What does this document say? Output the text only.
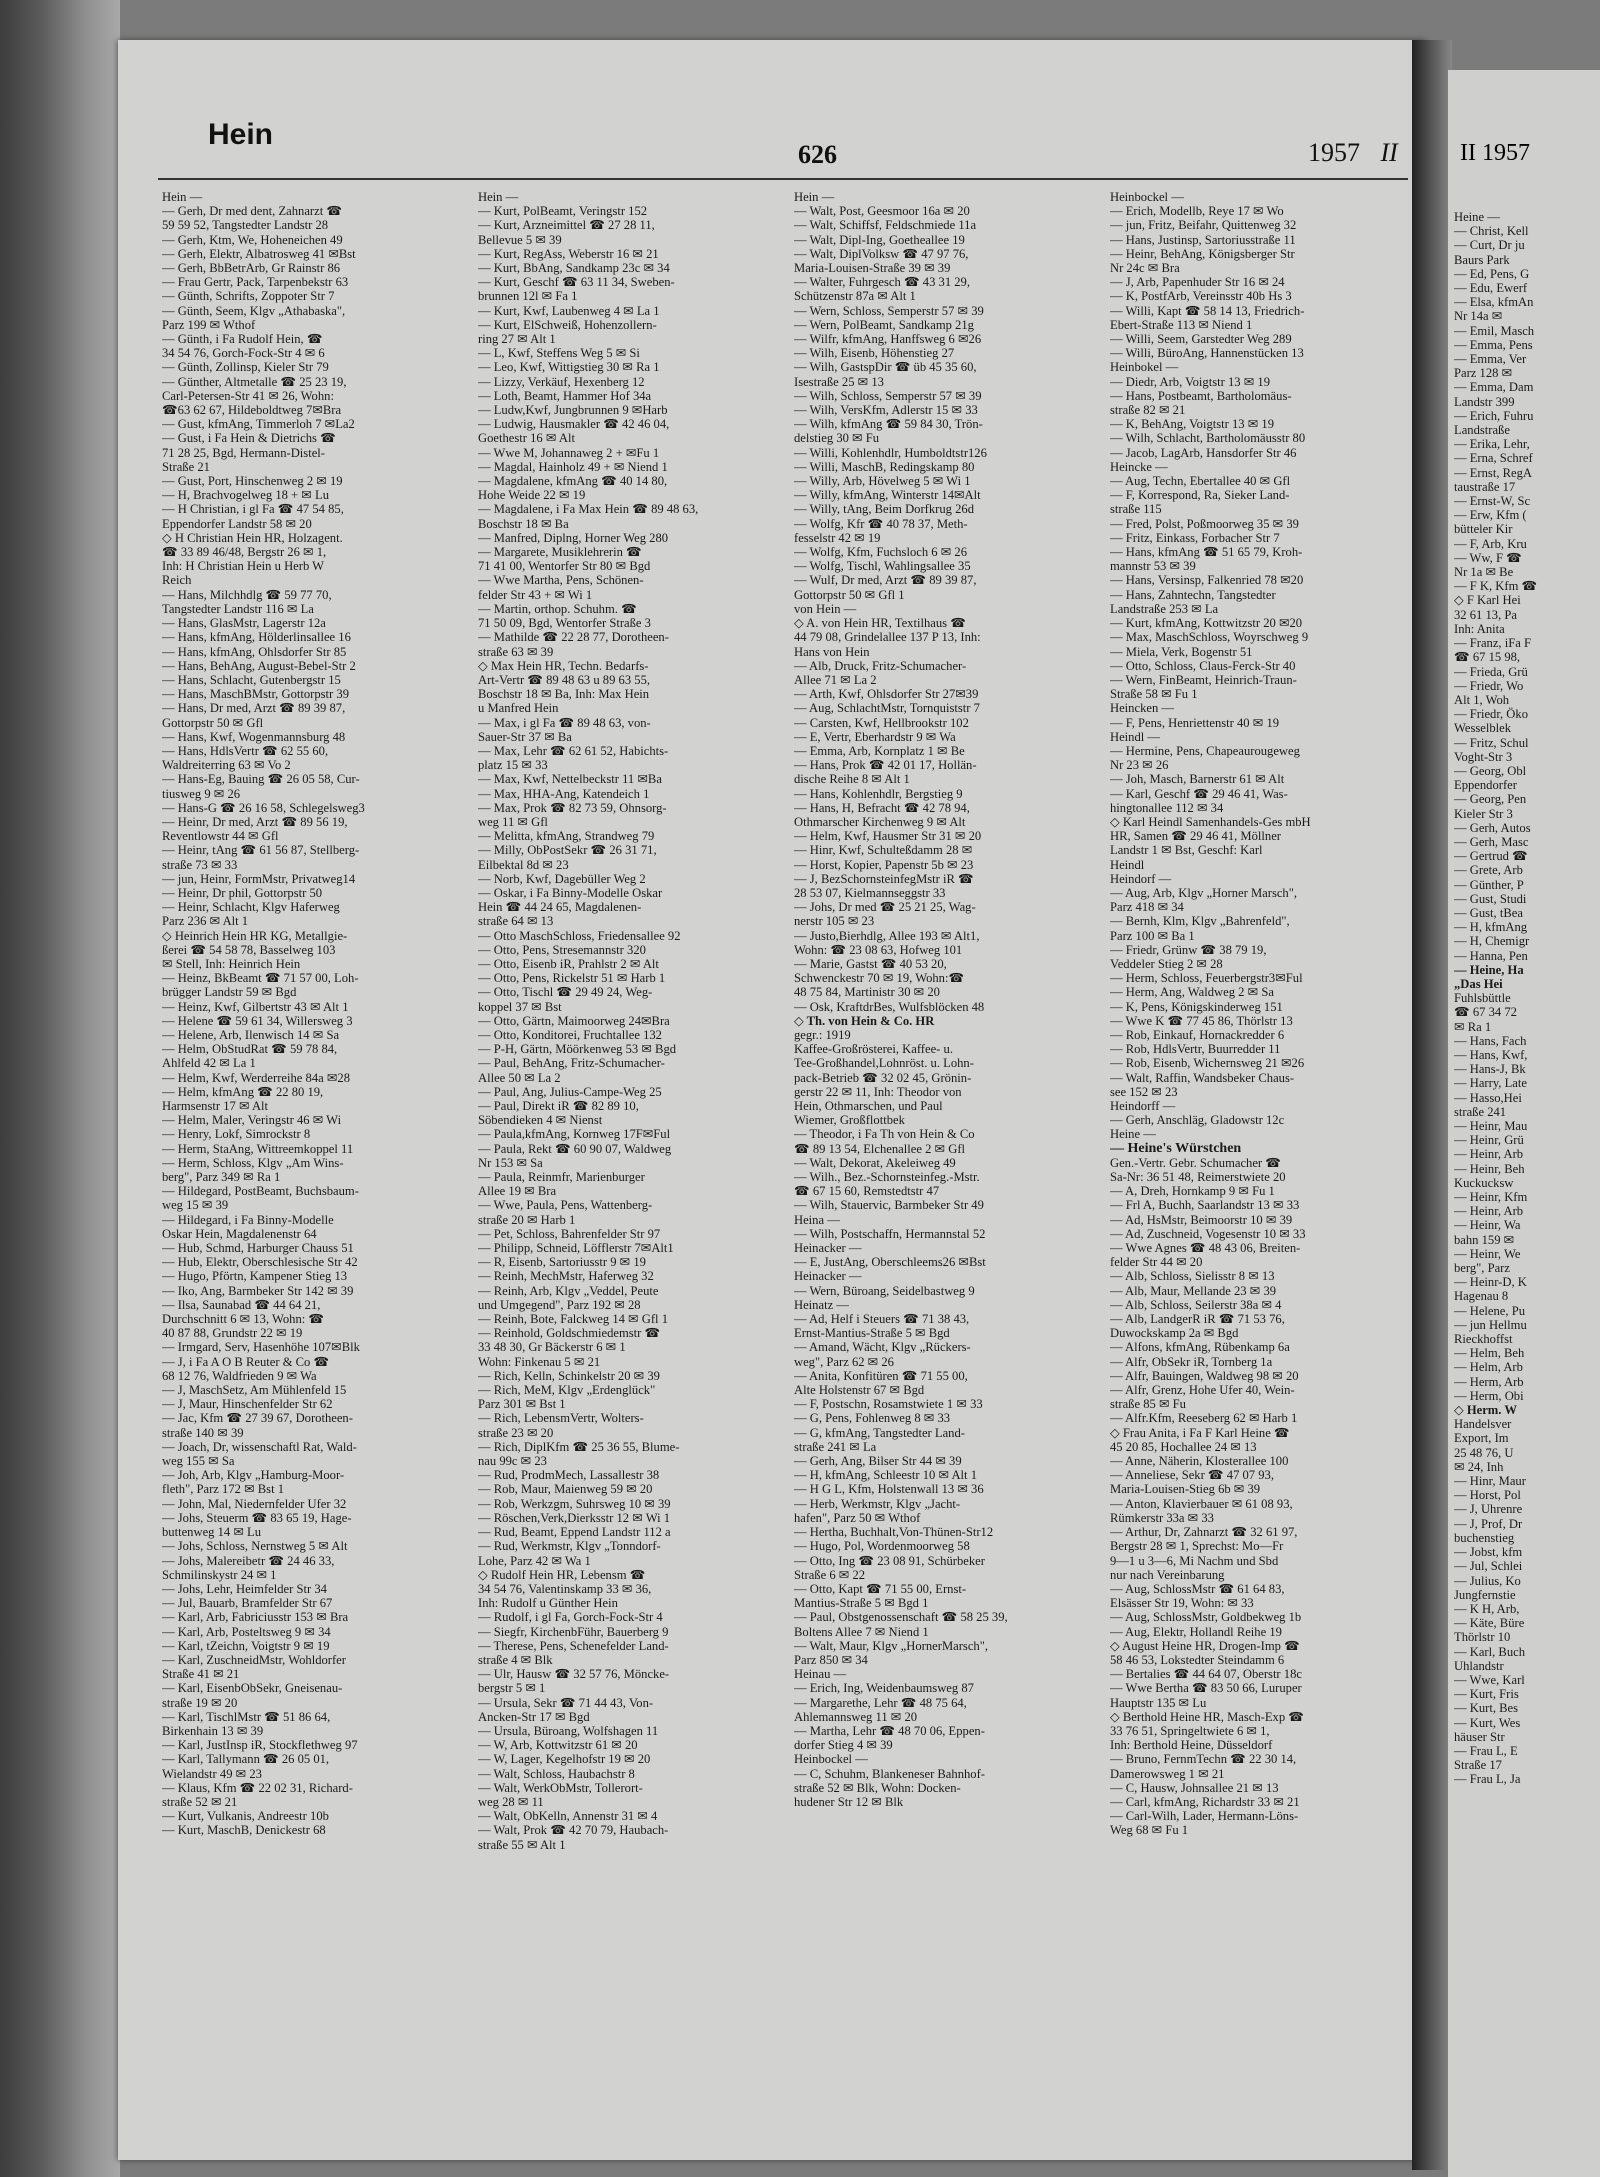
Hein
626	1957 II
Hein —
— Gerh, Dr med dent, Zahnarzt ☎
59 59 52, Tangstedter Landstr 28
— Gerh, Ktm, We, Hoheneichen 49
— Gerh, Elektr, Albatrosweg 41 ✉Bst
— Gerh, BbBetrArb, Gr Rainstr 86
— Frau Gertr, Pack, Tarpenbekstr 63
— Günth, Schrifts, Zoppoter Str 7
— Günth, Seem, Klgv „Athabaska",
Parz 199 ✉ Wthof
— Günth, i Fa Rudolf Hein, ☎
34 54 76, Gorch-Fock-Str 4 ✉ 6
— Günth, Zollinsp, Kieler Str 79
— Günther, Altmetalle ☎ 25 23 19,
Carl-Petersen-Str 41 ✉ 26, Wohn:
☎63 62 67, Hildeboldtweg 7✉Bra
— Gust, kfmAng, Timmerloh 7 ✉La2
— Gust, i Fa Hein & Dietrichs ☎
71 28 25, Bgd, Hermann-Distel-
Straße 21
— Gust, Port, Hinschenweg 2 ✉ 19
— H, Brachvogelweg 18 + ✉ Lu
— H Christian, i gl Fa ☎ 47 54 85,
Eppendorfer Landstr 58 ✉ 20
◇ H Christian Hein HR, Holzagent.
☎ 33 89 46/48, Bergstr 26 ✉ 1,
Inh: H Christian Hein u Herb W
Reich
— Hans, Milchhdlg ☎ 59 77 70,
Tangstedter Landstr 116 ✉ La
— Hans, GlasMstr, Lagerstr 12a
— Hans, kfmAng, Hölderlinsallee 16
— Hans, kfmAng, Ohlsdorfer Str 85
— Hans, BehAng, August-Bebel-Str 2
— Hans, Schlacht, Gutenbergstr 15
— Hans, MaschBMstr, Gottorpstr 39
— Hans, Dr med, Arzt ☎ 89 39 87,
Gottorpstr 50 ✉ Gfl
— Hans, Kwf, Wogenmannsburg 48
— Hans, HdlsVertr ☎ 62 55 60,
Waldreiterring 63 ✉ Vo 2
— Hans-Eg, Bauing ☎ 26 05 58, Cur-
tiusweg 9 ✉ 26
— Hans-G ☎ 26 16 58, Schlegelsweg3
— Heinr, Dr med, Arzt ☎ 89 56 19,
Reventlowstr 44 ✉ Gfl
— Heinr, tAng ☎ 61 56 87, Stellberg-
straße 73 ✉ 33
— jun, Heinr, FormMstr, Privatweg14
— Heinr, Dr phil, Gottorpstr 50
— Heinr, Schlacht, Klgv Haferweg
Parz 236 ✉ Alt 1
◇ Heinrich Hein HR KG, Metallgie-
ßerei ☎ 54 58 78, Basselweg 103
✉ Stell, Inh: Heinrich Hein
— Heinz, BkBeamt ☎ 71 57 00, Loh-
brügger Landstr 59 ✉ Bgd
— Heinz, Kwf, Gilbertstr 43 ✉ Alt 1
— Helene ☎ 59 61 34, Willersweg 3
— Helene, Arb, Ilenwisch 14 ✉ Sa
— Helm, ObStudRat ☎ 59 78 84,
Ahlfeld 42 ✉ La 1
— Helm, Kwf, Werderreihe 84a ✉28
— Helm, kfmAng ☎ 22 80 19,
Harmsenstr 17 ✉ Alt
— Helm, Maler, Veringstr 46 ✉ Wi
— Henry, Lokf, Simrockstr 8
— Herm, StaAng, Wittreemkoppel 11
— Herm, Schloss, Klgv „Am Wins-
berg", Parz 349 ✉ Ra 1
— Hildegard, PostBeamt, Buchsbaum-
weg 15 ✉ 39
— Hildegard, i Fa Binny-Modelle
Oskar Hein, Magdalenenstr 64
— Hub, Schmd, Harburger Chauss 51
— Hub, Elektr, Oberschlesische Str 42
— Hugo, Pförtn, Kampener Stieg 13
— Iko, Ang, Barmbeker Str 142 ✉ 39
— Ilsa, Saunabad ☎ 44 64 21,
Durchschnitt 6 ✉ 13, Wohn: ☎
40 87 88, Grundstr 22 ✉ 19
— Irmgard, Serv, Hasenhöhe 107✉Blk
— J, i Fa A O B Reuter & Co ☎
68 12 76, Waldfrieden 9 ✉ Wa
— J, MaschSetz, Am Mühlenfeld 15
— J, Maur, Hinschenfelder Str 62
— Jac, Kfm ☎ 27 39 67, Dorotheen-
straße 140 ✉ 39
— Joach, Dr, wissenschaftl Rat, Wald-
weg 155 ✉ Sa
— Joh, Arb, Klgv „Hamburg-Moor-
fleth", Parz 172 ✉ Bst 1
— John, Mal, Niedernfelder Ufer 32
— Johs, Steuerm ☎ 83 65 19, Hage-
buttenweg 14 ✉ Lu
— Johs, Schloss, Nernstweg 5 ✉ Alt
— Johs, Malereibetr ☎ 24 46 33,
Schmilinskystr 24 ✉ 1
— Johs, Lehr, Heimfelder Str 34
— Jul, Bauarb, Bramfelder Str 67
— Karl, Arb, Fabriciusstr 153 ✉ Bra
— Karl, Arb, Posteltsweg 9 ✉ 34
— Karl, tZeichn, Voigtstr 9 ✉ 19
— Karl, ZuschneidMstr, Wohldorfer
Straße 41 ✉ 21
— Karl, EisenbObSekr, Gneisenau-
straße 19 ✉ 20
— Karl, TischlMstr ☎ 51 86 64,
Birkenhain 13 ✉ 39
— Karl, JustInsp iR, Stockflethweg 97
— Karl, Tallymann ☎ 26 05 01,
Wielandstr 49 ✉ 23
— Klaus, Kfm ☎ 22 02 31, Richard-
straße 52 ✉ 21
— Kurt, Vulkanis, Andreestr 10b
— Kurt, MaschB, Denickestr 68
Hein —
— Kurt, PolBeamt, Veringstr 152
— Kurt, Arzneimittel ☎ 27 28 11,
Bellevue 5 ✉ 39
— Kurt, RegAss, Weberstr 16 ✉ 21
— Kurt, BbAng, Sandkamp 23c ✉ 34
— Kurt, Geschf ☎ 63 11 34, Sweben-
brunnen 12l ✉ Fa 1
— Kurt, Kwf, Laubenweg 4 ✉ La 1
— Kurt, ElSchweiß, Hohenzollern-
ring 27 ✉ Alt 1
— L, Kwf, Steffens Weg 5 ✉ Si
— Leo, Kwf, Wittigstieg 30 ✉ Ra 1
— Lizzy, Verkäuf, Hexenberg 12
— Loth, Beamt, Hammer Hof 34a
— Ludw,Kwf, Jungbrunnen 9 ✉Harb
— Ludwig, Hausmakler ☎ 42 46 04,
Goethestr 16 ✉ Alt
— Wwe M, Johannaweg 2 + ✉Fu 1
— Magdal, Hainholz 49 + ✉ Niend 1
— Magdalene, kfmAng ☎ 40 14 80,
Hohe Weide 22 ✉ 19
— Magdalene, i Fa Max Hein ☎ 89 48 63,
Boschstr 18 ✉ Ba
— Manfred, Diplng, Horner Weg 280
— Margarete, Musiklehrerin ☎
71 41 00, Wentorfer Str 80 ✉ Bgd
— Wwe Martha, Pens, Schönen-
felder Str 43 + ✉ Wi 1
— Martin, orthop. Schuhm. ☎
71 50 09, Bgd, Wentorfer Straße 3
— Mathilde ☎ 22 28 77, Dorotheen-
straße 63 ✉ 39
◇ Max Hein HR, Techn. Bedarfs-
Art-Vertr ☎ 89 48 63 u 89 63 55,
Boschstr 18 ✉ Ba, Inh: Max Hein
u Manfred Hein
— Max, i gl Fa ☎ 89 48 63, von-
Sauer-Str 37 ✉ Ba
— Max, Lehr ☎ 62 61 52, Habichts-
platz 15 ✉ 33
— Max, Kwf, Nettelbeckstr 11 ✉Ba
— Max, HHA-Ang, Katendeich 1
— Max, Prok ☎ 82 73 59, Ohnsorg-
weg 11 ✉ Gfl
— Melitta, kfmAng, Strandweg 79
— Milly, ObPostSekr ☎ 26 31 71,
Eilbektal 8d ✉ 23
— Norb, Kwf, Dagebüller Weg 2
— Oskar, i Fa Binny-Modelle Oskar
Hein ☎ 44 24 65, Magdalenen-
straße 64 ✉ 13
— Otto MaschSchloss, Friedensallee 92
— Otto, Pens, Stresemannstr 320
— Otto, Eisenb iR, Prahlstr 2 ✉ Alt
— Otto, Pens, Rickelstr 51 ✉ Harb 1
— Otto, Tischl ☎ 29 49 24, Weg-
koppel 37 ✉ Bst
— Otto, Gärtn, Maimoorweg 24✉Bra
— Otto, Konditorei, Fruchtallee 132
— P-H, Gärtn, Möörkenweg 53 ✉ Bgd
— Paul, BehAng, Fritz-Schumacher-
Allee 50 ✉ La 2
— Paul, Ang, Julius-Campe-Weg 25
— Paul, Direkt iR ☎ 82 89 10,
Söbendieken 4 ✉ Nienst
— Paula,kfmAng, Kornweg 17F✉Ful
— Paula, Rekt ☎ 60 90 07, Waldweg
Nr 153 ✉ Sa
— Paula, Reinmfr, Marienburger
Allee 19 ✉ Bra
— Wwe, Paula, Pens, Wattenberg-
straße 20 ✉ Harb 1
— Pet, Schloss, Bahrenfelder Str 97
— Philipp, Schneid, Löfflerstr 7✉Alt1
— R, Eisenb, Sartoriusstr 9 ✉ 19
— Reinh, MechMstr, Haferweg 32
— Reinh, Arb, Klgv „Veddel, Peute
und Umgegend", Parz 192 ✉ 28
— Reinh, Bote, Falckweg 14 ✉ Gfl 1
— Reinhold, Goldschmiedemstr ☎
33 48 30, Gr Bäckerstr 6 ✉ 1
Wohn: Finkenau 5 ✉ 21
— Rich, Kelln, Schinkelstr 20 ✉ 39
— Rich, MeM, Klgv „Erdenglück"
Parz 301 ✉ Bst 1
— Rich, LebensmVertr, Wolters-
straße 23 ✉ 20
— Rich, DiplKfm ☎ 25 36 55, Blume-
nau 99c ✉ 23
— Rud, ProdmMech, Lassallestr 38
— Rob, Maur, Maienweg 59 ✉ 20
— Rob, Werkzgm, Suhrsweg 10 ✉ 39
— Röschen,Verk,Dierksstr 12 ✉ Wi 1
— Rud, Beamt, Eppend Landstr 112 a
— Rud, Werkmstr, Klgv „Tonndorf-
Lohe, Parz 42 ✉ Wa 1
◇ Rudolf Hein HR, Lebensm ☎
34 54 76, Valentinskamp 33 ✉ 36,
Inh: Rudolf u Günther Hein
— Rudolf, i gl Fa, Gorch-Fock-Str 4
— Siegfr, KirchenbFühr, Bauerberg 9
— Therese, Pens, Schenefelder Land-
straße 4 ✉ Blk
— Ulr, Hausw ☎ 32 57 76, Möncke-
bergstr 5 ✉ 1
— Ursula, Sekr ☎ 71 44 43, Von-
Ancken-Str 17 ✉ Bgd
— Ursula, Büroang, Wolfshagen 11
— W, Arb, Kottwitzstr 61 ✉ 20
— W, Lager, Kegelhofstr 19 ✉ 20
— Walt, Schloss, Haubachstr 8
— Walt, WerkObMstr, Tollerort-
weg 28 ✉ 11
— Walt, ObKelln, Annenstr 31 ✉ 4
— Walt, Prok ☎ 42 70 79, Haubach-
straße 55 ✉ Alt 1
Hein —
— Walt, Post, Geesmoor 16a ✉ 20
— Walt, Schiffsf, Feldschmiede 11a
— Walt, Dipl-Ing, Goetheallee 19
— Walt, DiplVolksw ☎ 47 97 76,
Maria-Louisen-Straße 39 ✉ 39
— Walter, Fuhrgesch ☎ 43 31 29,
Schützenstr 87a ✉ Alt 1
— Wern, Schloss, Semperstr 57 ✉ 39
— Wern, PolBeamt, Sandkamp 21g
— Wilfr, kfmAng, Hanffsweg 6 ✉26
— Wilh, Eisenb, Höhenstieg 27
— Wilh, GastspDir ☎ üb 45 35 60,
Isestraße 25 ✉ 13
— Wilh, Schloss, Semperstr 57 ✉ 39
— Wilh, VersKfm, Adlerstr 15 ✉ 33
— Wilh, kfmAng ☎ 59 84 30, Trön-
delstieg 30 ✉ Fu
— Willi, Kohlenhdlr, Humboldtstr126
— Willi, MaschB, Redingskamp 80
— Willy, Arb, Hövelweg 5 ✉ Wi 1
— Willy, kfmAng, Winterstr 14✉Alt
— Willy, tAng, Beim Dorfkrug 26d
— Wolfg, Kfr ☎ 40 78 37, Meth-
fesselstr 42 ✉ 19
— Wolfg, Kfm, Fuchsloch 6 ✉ 26
— Wolfg, Tischl, Wahlingsallee 35
— Wulf, Dr med, Arzt ☎ 89 39 87,
Gottorpstr 50 ✉ Gfl 1
von Hein —
◇ A. von Hein HR, Textilhaus ☎
44 79 08, Grindelallee 137 P 13, Inh:
Hans von Hein
— Alb, Druck, Fritz-Schumacher-
Allee 71 ✉ La 2
— Arth, Kwf, Ohlsdorfer Str 27✉39
— Aug, SchlachtMstr, Tornquiststr 7
— Carsten, Kwf, Hellbrookstr 102
— E, Vertr, Eberhardstr 9 ✉ Wa
— Emma, Arb, Kornplatz 1 ✉ Be
— Hans, Prok ☎ 42 01 17, Hollän-
dische Reihe 8 ✉ Alt 1
— Hans, Kohlenhdlr, Bergstieg 9
— Hans, H, Befracht ☎ 42 78 94,
Othmarscher Kirchenweg 9 ✉ Alt
— Helm, Kwf, Hausmer Str 31 ✉ 20
— Hinr, Kwf, Schulteßdamm 28 ✉
— Horst, Kopier, Papenstr 5b ✉ 23
— J, BezSchornsteinfegMstr iR ☎
28 53 07, Kielmannseggstr 33
— Johs, Dr med ☎ 25 21 25, Wag-
nerstr 105 ✉ 23
— Justo,Bierhdlg, Allee 193 ✉ Alt1,
Wohn: ☎ 23 08 63, Hofweg 101
— Marie, Gastst ☎ 40 53 20,
Schwenckestr 70 ✉ 19, Wohn:☎
48 75 84, Martinistr 30 ✉ 20
— Osk, KraftdrBes, Wulfsblöcken 48
◇ Th. von Hein & Co. HR
gegr.: 1919
Kaffee-Großrösterei, Kaffee- u.
Tee-Großhandel,Lohnröst. u. Lohn-
pack-Betrieb ☎ 32 02 45, Grönin-
gerstr 22 ✉ 11, Inh: Theodor von
Hein, Othmarschen, und Paul
Wiemer, Großflottbek
— Theodor, i Fa Th von Hein & Co
☎ 89 13 54, Elchenallee 2 ✉ Gfl
— Walt, Dekorat, Akeleiweg 49
— Wilh., Bez.-Schornsteinfeg.-Mstr.
☎ 67 15 60, Remstedtstr 47
— Wilh, Stauervic, Barmbeker Str 49
Heina —
— Wilh, Postschaffn, Hermannstal 52
Heinacker —
— E, JustAng, Oberschleems26 ✉Bst
Heinacker —
— Wern, Büroang, Seidelbastweg 9
Heinatz —
— Ad, Helf i Steuers ☎ 71 38 43,
Ernst-Mantius-Straße 5 ✉ Bgd
— Amand, Wächt, Klgv „Rückers-
weg", Parz 62 ✉ 26
— Anita, Konfitüren ☎ 71 55 00,
Alte Holstenstr 67 ✉ Bgd
— F, Postschn, Rosamstwiete 1 ✉ 33
— G, Pens, Fohlenweg 8 ✉ 33
— G, kfmAng, Tangstedter Land-
straße 241 ✉ La
— Gerh, Ang, Bilser Str 44 ✉ 39
— H, kfmAng, Schleestr 10 ✉ Alt 1
— H G L, Kfm, Holstenwall 13 ✉ 36
— Herb, Werkmstr, Klgv „Jacht-
hafen", Parz 50 ✉ Wthof
— Hertha, Buchhalt,Von-Thünen-Str12
— Hugo, Pol, Wordenmoorweg 58
— Otto, Ing ☎ 23 08 91, Schürbeker
Straße 6 ✉ 22
— Otto, Kapt ☎ 71 55 00, Ernst-
Mantius-Straße 5 ✉ Bgd 1
— Paul, Obstgenossenschaft ☎ 58 25 39,
Boltens Allee 7 ✉ Niend 1
— Walt, Maur, Klgv „HornerMarsch",
Parz 850 ✉ 34
Heinau —
— Erich, Ing, Weidenbaumsweg 87
— Margarethe, Lehr ☎ 48 75 64,
Ahlemannsweg 11 ✉ 20
— Martha, Lehr ☎ 48 70 06, Eppen-
dorfer Stieg 4 ✉ 39
Heinbockel —
— C, Schuhm, Blankeneser Bahnhof-
straße 52 ✉ Blk, Wohn: Docken-
hudener Str 12 ✉ Blk
Heinbockel —
— Erich, Modellb, Reye 17 ✉ Wo
— jun, Fritz, Beifahr, Quittenweg 32
— Hans, Justinsp, Sartoriusstraße 11
— Heinr, BehAng, Königsberger Str
Nr 24c ✉ Bra
— J, Arb, Papenhuder Str 16 ✉ 24
— K, PostfArb, Vereinsstr 40b Hs 3
— Willi, Kapt ☎ 58 14 13, Friedrich-
Ebert-Straße 113 ✉ Niend 1
— Willi, Seem, Garstedter Weg 289
— Willi, BüroAng, Hannenstücken 13
Heinbokel —
— Diedr, Arb, Voigtstr 13 ✉ 19
— Hans, Postbeamt, Bartholomäus-
straße 82 ✉ 21
— K, BehAng, Voigtstr 13 ✉ 19
— Wilh, Schlacht, Bartholomäusstr 80
— Jacob, LagArb, Hansdorfer Str 46
Heincke —
— Aug, Techn, Ebertallee 40 ✉ Gfl
— F, Korrespond, Ra, Sieker Land-
straße 115
— Fred, Polst, Poßmoorweg 35 ✉ 39
— Fritz, Einkass, Forbacher Str 7
— Hans, kfmAng ☎ 51 65 79, Kroh-
mannstr 53 ✉ 39
— Hans, Versinsp, Falkenried 78 ✉20
— Hans, Zahntechn, Tangstedter
Landstraße 253 ✉ La
— Kurt, kfmAng, Kottwitzstr 20 ✉20
— Max, MaschSchloss, Woyrschweg 9
— Miela, Verk, Bogenstr 51
— Otto, Schloss, Claus-Ferck-Str 40
— Wern, FinBeamt, Heinrich-Traun-
Straße 58 ✉ Fu 1
Heincken —
— F, Pens, Henriettenstr 40 ✉ 19
Heindl —
— Hermine, Pens, Chapeaurougeweg
Nr 23 ✉ 26
— Joh, Masch, Barnerstr 61 ✉ Alt
— Karl, Geschf ☎ 29 46 41, Was-
hingtonallee 112 ✉ 34
◇ Karl Heindl Samenhandels-Ges mbH
HR, Samen ☎ 29 46 41, Möllner
Landstr 1 ✉ Bst, Geschf: Karl
Heindl
Heindorf —
— Aug, Arb, Klgv „Horner Marsch",
Parz 418 ✉ 34
— Bernh, Klm, Klgv „Bahrenfeld",
Parz 100 ✉ Ba 1
— Friedr, Grünw ☎ 38 79 19,
Veddeler Stieg 2 ✉ 28
— Herm, Schloss, Feuerbergstr3✉Ful
— Herm, Ang, Waldweg 2 ✉ Sa
— K, Pens, Königskinderweg 151
— Wwe K ☎ 77 45 86, Thörlstr 13
— Rob, Einkauf, Hornackredder 6
— Rob, HdlsVertr, Buurredder 11
— Rob, Eisenb, Wichernsweg 21 ✉26
— Walt, Raffin, Wandsbeker Chaus-
see 152 ✉ 23
Heindorff —
— Gerh, Anschläg, Gladowstr 12c
Heine —
— Heine's Würstchen
Gen.-Vertr. Gebr. Schumacher ☎
Sa-Nr: 36 51 48, Reimerstwiete 20
— A, Dreh, Hornkamp 9 ✉ Fu 1
— Frl A, Buchh, Saarlandstr 13 ✉ 33
— Ad, HsMstr, Beimoorstr 10 ✉ 39
— Ad, Zuschneid, Vogesenstr 10 ✉ 33
— Wwe Agnes ☎ 48 43 06, Breiten-
felder Str 44 ✉ 20
— Alb, Schloss, Sielisstr 8 ✉ 13
— Alb, Maur, Mellande 23 ✉ 39
— Alb, Schloss, Seilerstr 38a ✉ 4
— Alb, LandgerR iR ☎ 71 53 76,
Duwockskamp 2a ✉ Bgd
— Alfons, kfmAng, Rübenkamp 6a
— Alfr, ObSekr iR, Tornberg 1a
— Alfr, Bauingen, Waldweg 98 ✉ 20
— Alfr, Grenz, Hohe Ufer 40, Wein-
straße 85 ✉ Fu
— Alfr.Kfm, Reeseberg 62 ✉ Harb 1
◇ Frau Anita, i Fa F Karl Heine ☎
45 20 85, Hochallee 24 ✉ 13
— Anne, Näherin, Klosterallee 100
— Anneliese, Sekr ☎ 47 07 93,
Maria-Louisen-Stieg 6b ✉ 39
— Anton, Klavierbauer ✉ 61 08 93,
Rümkerstr 33a ✉ 33
— Arthur, Dr, Zahnarzt ☎ 32 61 97,
Bergstr 28 ✉ 1, Sprechst: Mo—Fr
9—1 u 3—6, Mi Nachm und Sbd
nur nach Vereinbarung
— Aug, SchlossMstr ☎ 61 64 83,
Elsässer Str 19, Wohn: ✉ 33
— Aug, SchlossMstr, Goldbekweg 1b
— Aug, Elektr, Hollandl Reihe 19
◇ August Heine HR, Drogen-Imp ☎
58 46 53, Lokstedter Steindamm 6
— Bertalies ☎ 44 64 07, Oberstr 18c
— Wwe Bertha ☎ 83 50 66, Luruper
Hauptstr 135 ✉ Lu
◇ Berthold Heine HR, Masch-Exp ☎
33 76 51, Springeltwiete 6 ✉ 1,
Inh: Berthold Heine, Düsseldorf
— Bruno, FernmTechn ☎ 22 30 14,
Damerowsweg 1 ✉ 21
— C, Hausw, Johnsallee 21 ✉ 13
— Carl, kfmAng, Richardstr 33 ✉ 21
— Carl-Wilh, Lader, Hermann-Löns-
Weg 68 ✉ Fu 1
II 1957
Heine —
— Christ, Kell
— Curt, Dr ju
Baurs Park
— Ed, Pens, G
— Edu, Ewerf
— Elsa, kfmAn
Nr 14a ✉
— Emil, Masch
— Emma, Pens
— Emma, Ver
Parz 128 ✉
— Emma, Dam
Landstr 399
— Erich, Fuhru
Landstraße
— Erika, Lehr,
— Erna, Schref
— Ernst, RegA
taustraße 17
— Ernst-W, Sc
— Erw, Kfm (
bütteler Kir
— F, Arb, Kru
— Ww, F ☎
Nr 1a ✉ Be
— F K, Kfm ☎
◇ F Karl Hei
32 61 13, Pa
Inh: Anita
— Franz, iFa F
☎ 67 15 98,
— Frieda, Grü
— Friedr, Wo
Alt 1, Woh
— Friedr, Öko
Wesselblek
— Fritz, Schul
Voght-Str 3
— Georg, Obl
Eppendorfer
— Georg, Pen
Kieler Str 3
— Gerh, Autos
— Gerh, Masc
— Gertrud ☎
— Grete, Arb
— Günther, P
— Gust, Studi
— Gust, tBea
— H, kfmAng
— H, Chemigr
— Hanna, Pen
— Heine, Ha
„Das Hei
Fuhlsbüttle
☎ 67 34 72
✉ Ra 1
— Hans, Fach
— Hans, Kwf,
— Hans-J, Bk
— Harry, Late
— Hasso,Hei
straße 241
— Heinr, Mau
— Heinr, Grü
— Heinr, Arb
— Heinr, Beh
Kuckucksw
— Heinr, Kfm
— Heinr, Arb
— Heinr, Wa
bahn 159 ✉
— Heinr, We
berg", Parz
— Heinr-D, K
Hagenau 8
— Helene, Pu
— jun Hellmu
Rieckhoffst
— Helm, Beh
— Helm, Arb
— Herm, Arb
— Herm, Obi
◇ Herm. W
Handelsver
Export, Im
25 48 76, U
✉ 24, Inh
— Hinr, Maur
— Horst, Pol
— J, Uhrenre
— J, Prof, Dr
buchenstieg
— Jobst, kfm
— Jul, Schlei
— Julius, Ko
Jungfernstie
— K H, Arb,
— Käte, Büre
Thörlstr 10
— Karl, Buch
Uhlandstr
— Wwe, Karl
— Kurt, Fris
— Kurt, Bes
— Kurt, Wes
häuser Str
— Frau L, E
Straße 17
— Frau L, Ja
